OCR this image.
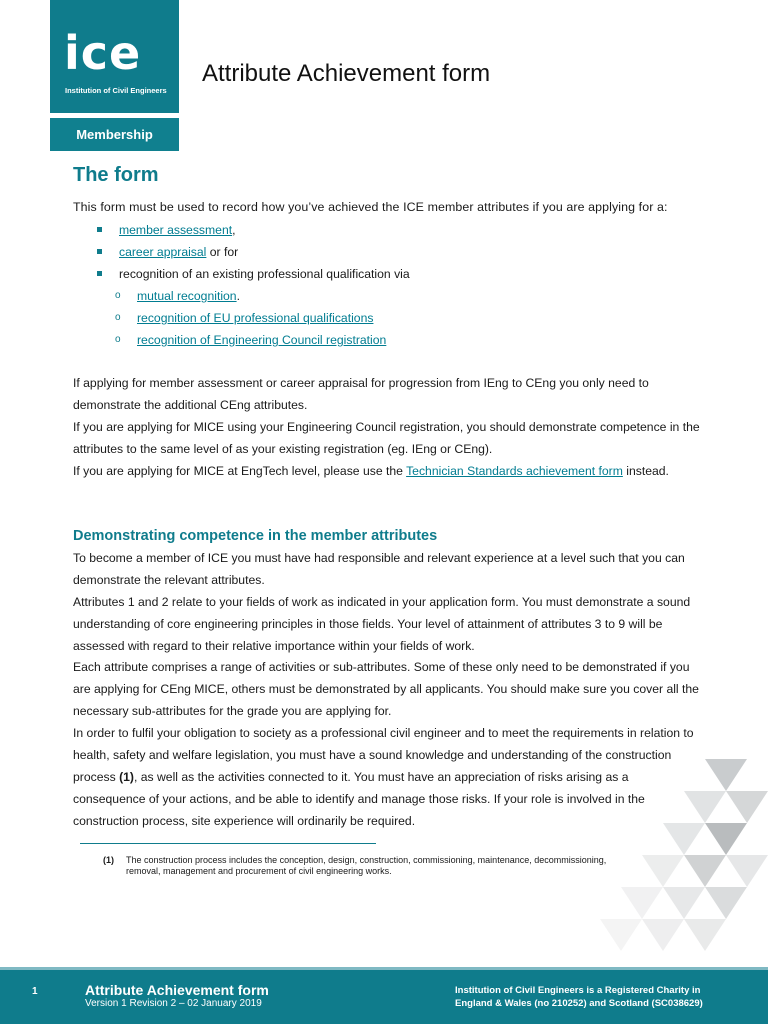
ice
Institution of Civil Engineers
Membership
Attribute Achievement form
The form
This form must be used to record how you’ve achieved the ICE member attributes if you are applying for a:
member assessment,
career appraisal or for
recognition of an existing professional qualification via
o mutual recognition.
o recognition of EU professional qualifications
o recognition of Engineering Council registration
If applying for member assessment or career appraisal for progression from IEng to CEng you only need to demonstrate the additional CEng attributes.
If you are applying for MICE using your Engineering Council registration, you should demonstrate competence in the attributes to the same level of as your existing registration (eg. IEng or CEng).
If you are applying for MICE at EngTech level, please use the Technician Standards achievement form instead.
Demonstrating competence in the member attributes
To become a member of ICE you must have had responsible and relevant experience at a level such that you can demonstrate the relevant attributes.
Attributes 1 and 2 relate to your fields of work as indicated in your application form. You must demonstrate a sound understanding of core engineering principles in those fields. Your level of attainment of attributes 3 to 9 will be assessed with regard to their relative importance within your fields of work.
Each attribute comprises a range of activities or sub-attributes. Some of these only need to be demonstrated if you are applying for CEng MICE, others must be demonstrated by all applicants. You should make sure you cover all the necessary sub-attributes for the grade you are applying for.
In order to fulfil your obligation to society as a professional civil engineer and to meet the requirements in relation to health, safety and welfare legislation, you must have a sound knowledge and understanding of the construction process (1), as well as the activities connected to it. You must have an appreciation of risks arising as a consequence of your actions, and be able to identify and manage those risks. If your role is involved in the construction process, site experience will ordinarily be required.
(1) The construction process includes the conception, design, construction, commissioning, maintenance, decommissioning, removal, management and procurement of civil engineering works.
1	Attribute Achievement form
Version 1 Revision 2 – 02 January 2019
Institution of Civil Engineers is a Registered Charity in
England & Wales (no 210252) and Scotland (SC038629)
